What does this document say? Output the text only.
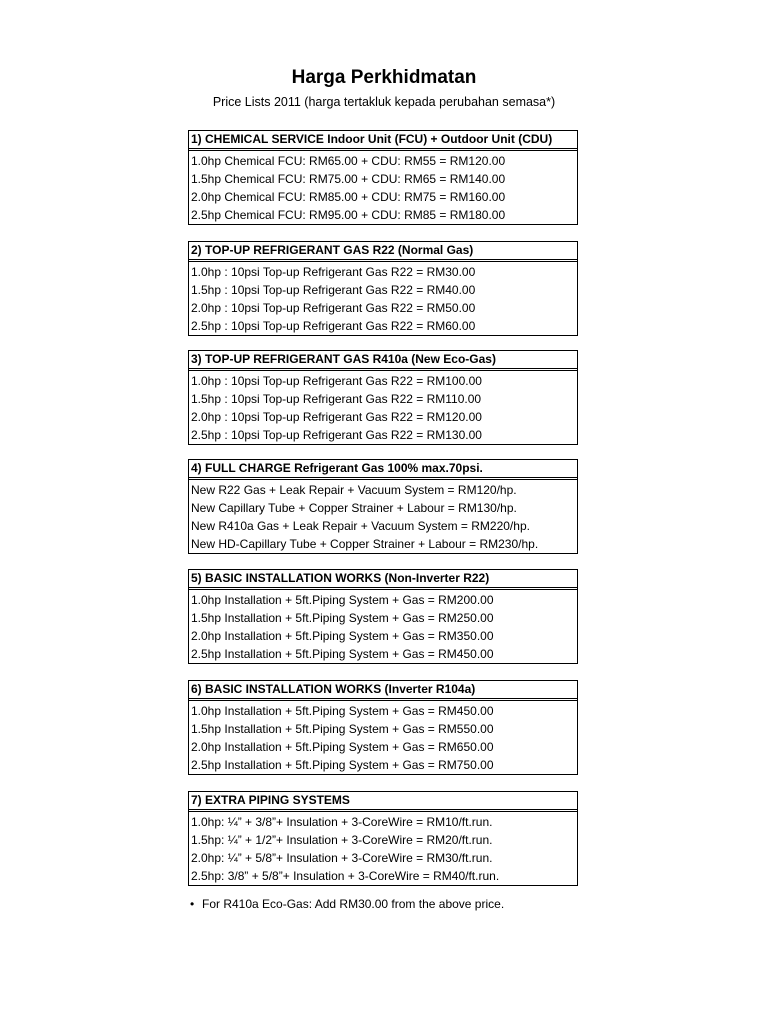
Harga Perkhidmatan

Price Lists 2011 (harga tertakluk kepada perubahan semasa*)

1) CHEMICAL SERVICE Indoor Unit (FCU) + Outdoor Unit (CDU)
1.0hp Chemical FCU: RM65.00 + CDU: RM55 = RM120.00
1.5hp Chemical FCU: RM75.00 + CDU: RM65 = RM140.00
2.0hp Chemical FCU: RM85.00 + CDU: RM75 = RM160.00
2.5hp Chemical FCU: RM95.00 + CDU: RM85 = RM180.00
2) TOP-UP REFRIGERANT GAS R22 (Normal Gas)
1.0hp : 10psi Top-up Refrigerant Gas R22 = RM30.00
1.5hp : 10psi Top-up Refrigerant Gas R22 = RM40.00
2.0hp : 10psi Top-up Refrigerant Gas R22 = RM50.00
2.5hp : 10psi Top-up Refrigerant Gas R22 = RM60.00
3) TOP-UP REFRIGERANT GAS R410a (New Eco-Gas)
1.0hp : 10psi Top-up Refrigerant Gas R22 = RM100.00
1.5hp : 10psi Top-up Refrigerant Gas R22 = RM110.00
2.0hp : 10psi Top-up Refrigerant Gas R22 = RM120.00
2.5hp : 10psi Top-up Refrigerant Gas R22 = RM130.00
4) FULL CHARGE Refrigerant Gas 100% max.70psi.
New R22 Gas + Leak Repair + Vacuum System = RM120/hp.
New Capillary Tube + Copper Strainer + Labour = RM130/hp.
New R410a Gas + Leak Repair + Vacuum System = RM220/hp.
New HD-Capillary Tube + Copper Strainer + Labour = RM230/hp.
5) BASIC INSTALLATION WORKS (Non-Inverter R22)
1.0hp Installation + 5ft.Piping System + Gas = RM200.00
1.5hp Installation + 5ft.Piping System + Gas = RM250.00
2.0hp Installation + 5ft.Piping System + Gas = RM350.00
2.5hp Installation + 5ft.Piping System + Gas = RM450.00
6) BASIC INSTALLATION WORKS (Inverter R104a)
1.0hp Installation + 5ft.Piping System + Gas = RM450.00
1.5hp Installation + 5ft.Piping System + Gas = RM550.00
2.0hp Installation + 5ft.Piping System + Gas = RM650.00
2.5hp Installation + 5ft.Piping System + Gas = RM750.00
7) EXTRA PIPING SYSTEMS
1.0hp: ¼” + 3/8”+ Insulation + 3-CoreWire = RM10/ft.run.
1.5hp: ¼” + 1/2”+ Insulation + 3-CoreWire = RM20/ft.run.
2.0hp: ¼” + 5/8”+ Insulation + 3-CoreWire = RM30/ft.run.
2.5hp: 3/8” + 5/8”+ Insulation + 3-CoreWire = RM40/ft.run.
• For R410a Eco-Gas: Add RM30.00 from the above price.
